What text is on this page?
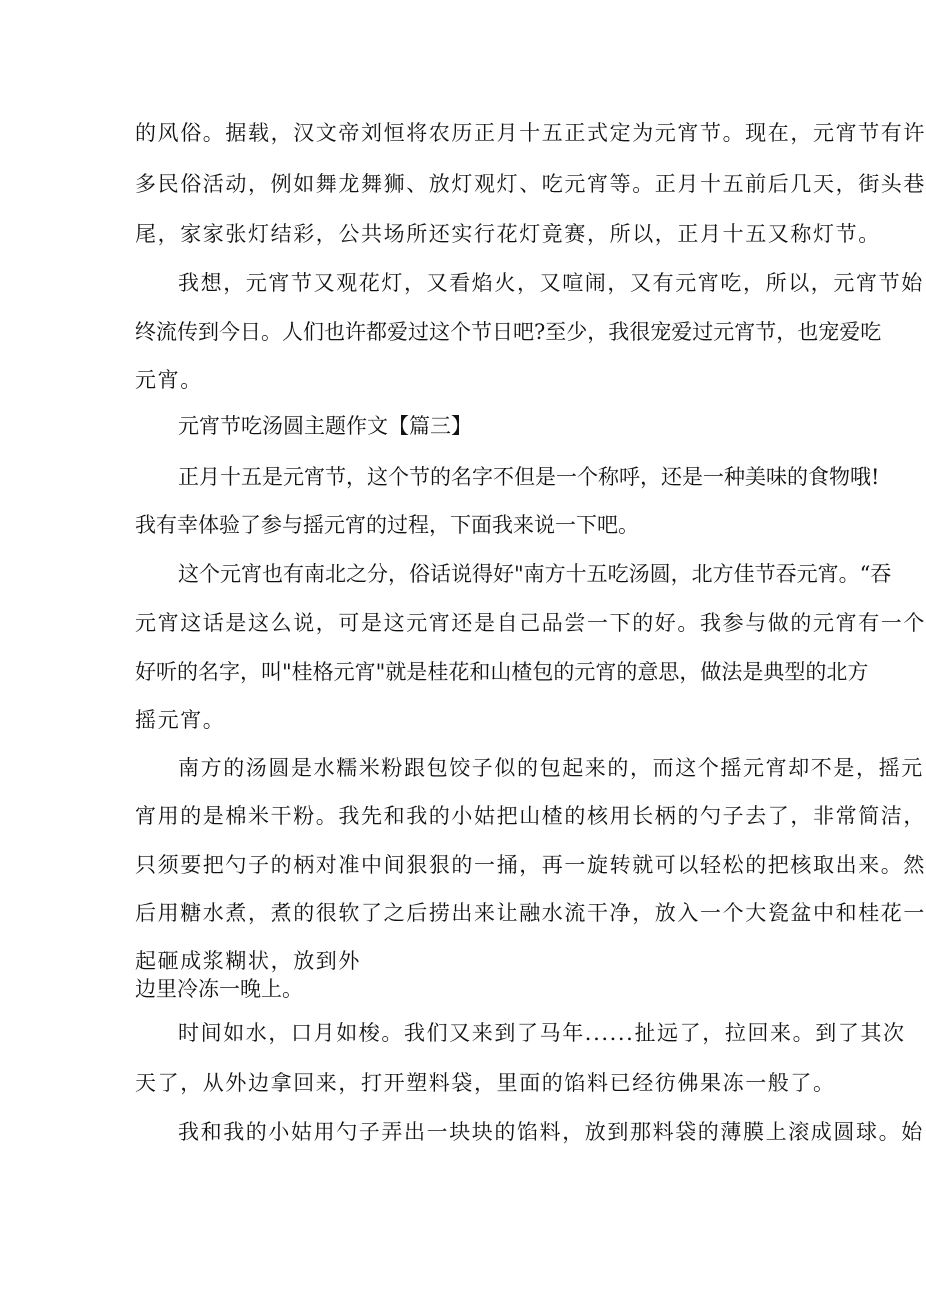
的风俗。据载，汉文帝刘恒将农历正月十五正式定为元宵节。现在，元宵节有许
多民俗活动，例如舞龙舞狮、放灯观灯、吃元宵等。正月十五前后几天，街头巷
尾，家家张灯结彩，公共场所还实行花灯竟赛，所以，正月十五又称灯节。
我想，元宵节又观花灯，又看焰火，又喧闹，又有元宵吃，所以，元宵节始
终流传到今日。人们也许都爱过这个节日吧?至少，我很宠爱过元宵节，也宠爱吃
元宵。
元宵节吃汤圆主题作文【篇三】
正月十五是元宵节，这个节的名字不但是一个称呼，还是一种美味的食物哦!
我有幸体验了参与摇元宵的过程，下面我来说一下吧。
这个元宵也有南北之分，俗话说得好"南方十五吃汤圆，北方佳节吞元宵。“吞
元宵这话是这么说，可是这元宵还是自己品尝一下的好。我参与做的元宵有一个
好听的名字，叫"桂格元宵"就是桂花和山楂包的元宵的意思，做法是典型的北方
摇元宵。
南方的汤圆是水糯米粉跟包饺子似的包起来的，而这个摇元宵却不是，摇元
宵用的是棉米干粉。我先和我的小姑把山楂的核用长柄的勺子去了，非常简洁，
只须要把勺子的柄对准中间狠狠的一捅，再一旋转就可以轻松的把核取出来。然
后用糖水煮，煮的很软了之后捞出来让融水流干净，放入一个大瓷盆中和桂花一
起砸成浆糊状，放到外
边里冷冻一晚上。
时间如水，口月如梭。我们又来到了马年......扯远了，拉回来。到了其次
天了，从外边拿回来，打开塑料袋，里面的馅料已经彷佛果冻一般了。
我和我的小姑用勺子弄出一块块的馅料，放到那料袋的薄膜上滚成圆球。始
